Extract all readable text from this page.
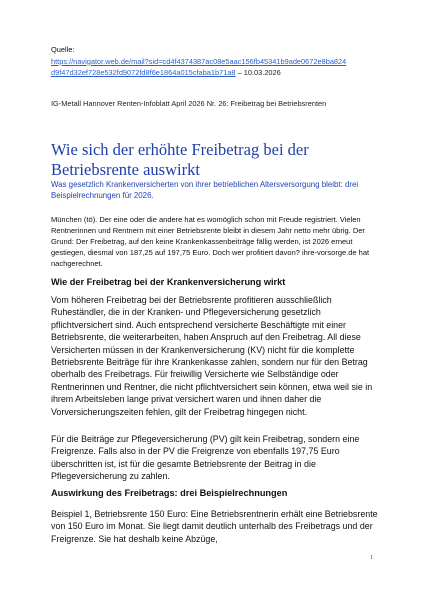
Quelle:
https://navigator.web.de/mail?sid=cd4f4374387ac08e5aac156fb45341b9ade0672e8ba824
d9f47d32ef728e532fd9072fd8f6e1864a015cfaba1b71a8 – 10.03.2026
IG-Metall Hannover Renten-Infoblatt April 2026 Nr. 26: Freibetrag bei Betriebsrenten
Wie sich der erhöhte Freibetrag bei der Betriebsrente auswirkt
Was gesetzlich Krankenversicherten von ihrer betrieblichen Altersversorgung bleibt: drei Beispielrechnungen für 2026.

München (tö). Der eine oder die andere hat es womöglich schon mit Freude registriert. Vielen Rentnerinnen und Rentnern mit einer Betriebsrente bleibt in diesem Jahr netto mehr übrig. Der Grund: Der Freibetrag, auf den keine Krankenkassenbeiträge fällig werden, ist 2026 erneut gestiegen, diesmal von 187,25 auf 197,75 Euro. Doch wer profitiert davon? ihre-vorsorge.de hat nachgerechnet.

Wie der Freibetrag bei der Krankenversicherung wirkt

Vom höheren Freibetrag bei der Betriebsrente profitieren ausschließlich Ruheständler, die in der Kranken- und Pflegeversicherung gesetzlich pflichtversichert sind. Auch entsprechend versicherte Beschäftigte mit einer Betriebsrente, die weiterarbeiten, haben Anspruch auf den Freibetrag. All diese Versicherten müssen in der Krankenversicherung (KV) nicht für die komplette Betriebsrente Beiträge für ihre Krankenkasse zahlen, sondern nur für den Betrag oberhalb des Freibetrags. Für freiwillig Versicherte wie Selbständige oder Rentnerinnen und Rentner, die nicht pflichtversichert sein können, etwa weil sie in ihrem Arbeitsleben lange privat versichert waren und ihnen daher die Vorversicherungszeiten fehlen, gilt der Freibetrag hingegen nicht.

Für die Beiträge zur Pflegeversicherung (PV) gilt kein Freibetrag, sondern eine Freigrenze. Falls also in der PV die Freigrenze von ebenfalls 197,75 Euro überschritten ist, ist für die gesamte Betriebsrente der Beitrag in die Pflegeversicherung zu zahlen.

Auswirkung des Freibetrags: drei Beispielrechnungen

Beispiel 1, Betriebsrente 150 Euro: Eine Betriebsrentnerin erhält eine Betriebsrente von 150 Euro im Monat. Sie liegt damit deutlich unterhalb des Freibetrags und der Freigrenze. Sie hat deshalb keine Abzüge,

1
